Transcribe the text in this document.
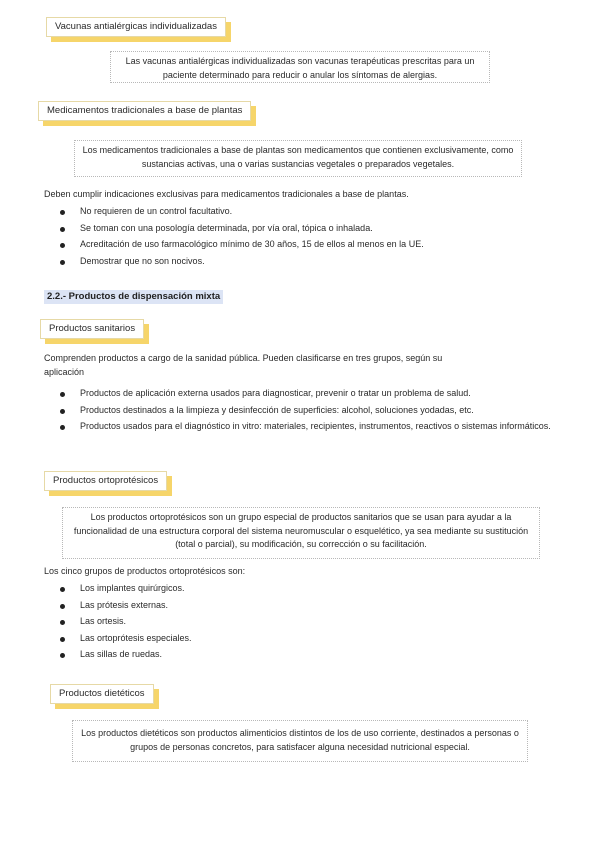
Vacunas antialérgicas individualizadas
Las vacunas antialérgicas individualizadas son vacunas terapéuticas prescritas para un paciente determinado para reducir o anular los síntomas de alergias.
Medicamentos tradicionales a base de plantas
Los medicamentos tradicionales a base de plantas son medicamentos que contienen exclusivamente, como sustancias activas, una o varias sustancias vegetales o preparados vegetales.
Deben cumplir indicaciones exclusivas para medicamentos tradicionales a base de plantas.
No requieren de un control facultativo.
Se toman con una posología determinada, por vía oral, tópica o inhalada.
Acreditación de uso farmacológico mínimo de 30 años, 15 de ellos al menos en la UE.
Demostrar que no son nocivos.
2.2.- Productos de dispensación mixta
Productos sanitarios
Comprenden productos a cargo de la sanidad pública. Pueden clasificarse en tres grupos, según su aplicación
Productos de aplicación externa usados para diagnosticar, prevenir o tratar un problema de salud.
Productos destinados a la limpieza y desinfección de superficies: alcohol, soluciones yodadas, etc.
Productos usados para el diagnóstico in vitro: materiales, recipientes, instrumentos, reactivos o sistemas informáticos.
Productos ortoprotésicos
Los productos ortoprotésicos son un grupo especial de productos sanitarios que se usan para ayudar a la funcionalidad de una estructura corporal del sistema neuromuscular o esquelético, ya sea mediante su sustitución (total o parcial), su modificación, su corrección o su facilitación.
Los cinco grupos de productos ortoprotésicos son:
Los implantes quirúrgicos.
Las prótesis externas.
Las ortesis.
Las ortoprótesis especiales.
Las sillas de ruedas.
Productos dietéticos
Los productos dietéticos son productos alimenticios distintos de los de uso corriente, destinados a personas o grupos de personas concretos, para satisfacer alguna necesidad nutricional especial.
